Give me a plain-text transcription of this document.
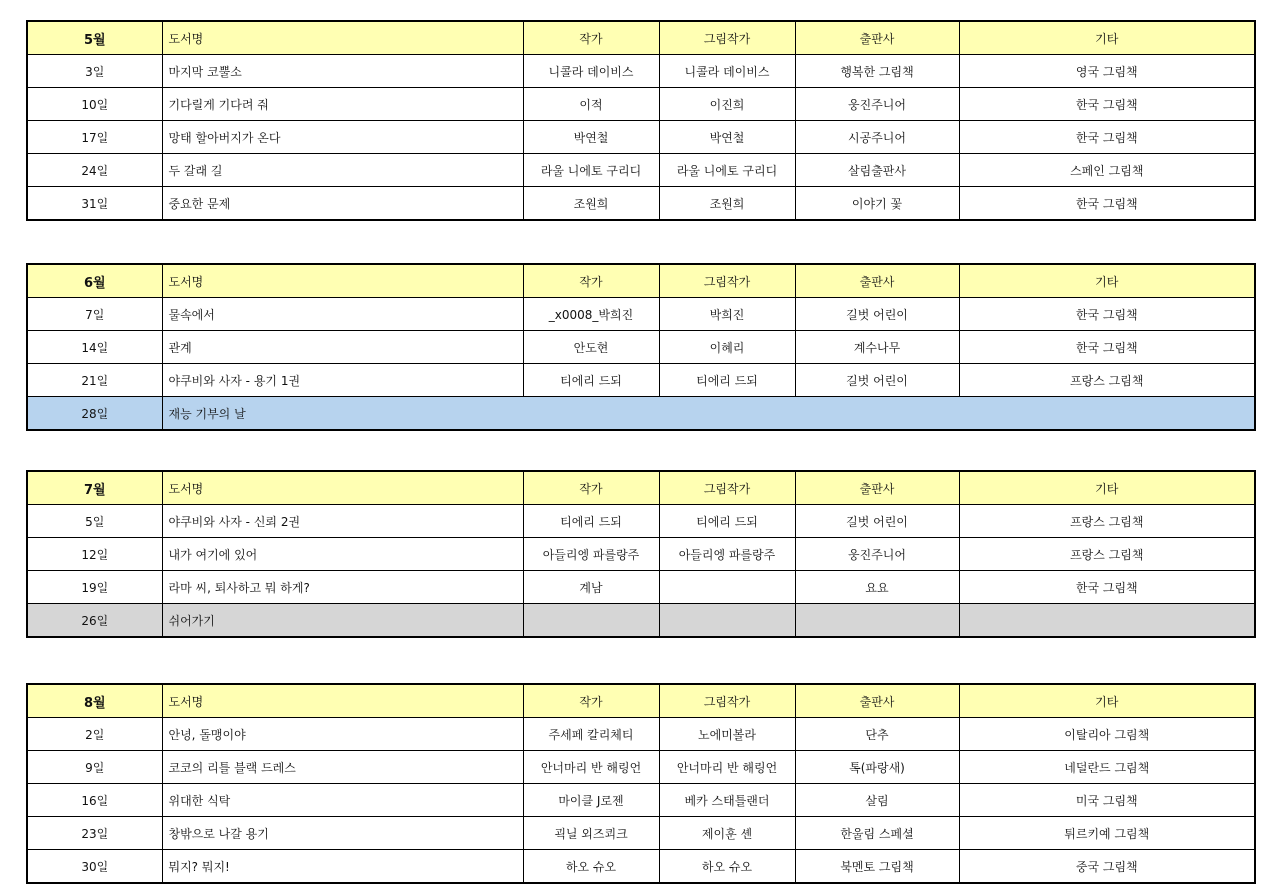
5월	도서명	작가	그림작가	출판사	기타
3일	마지막 코뿔소	니콜라 데이비스	니콜라 데이비스	행복한 그림책	영국 그림책
10일	기다릴게 기다려 줘	이적	이진희	웅진주니어	한국 그림책
17일	망태 할아버지가 온다	박연철	박연철	시공주니어	한국 그림책
24일	두 갈래 길	라울 니에토 구리디	라울 니에토 구리디	살림출판사	스페인 그림책
31일	중요한 문제	조원희	조원희	이야기 꽃	한국 그림책
6월	도서명	작가	그림작가	출판사	기타
7일	물속에서	_x0008_박희진	박희진	길벗 어린이	한국 그림책
14일	관계	안도현	이혜리	계수나무	한국 그림책
21일	야쿠비와 사자 - 용기 1권	티에리 드되	티에리 드되	길벗 어린이	프랑스 그림책
28일	재능 기부의 날				
7월	도서명	작가	그림작가	출판사	기타
5일	야쿠비와 사자 - 신뢰 2권	티에리 드되	티에리 드되	길벗 어린이	프랑스 그림책
12일	내가 여기에 있어	아들리엥 파를랑주	아들리엥 파를랑주	웅진주니어	프랑스 그림책
19일	라마 씨, 퇴사하고 뭐 하게?	계남		요요	한국 그림책
26일	쉬어가기				
8월	도서명	작가	그림작가	출판사	기타
2일	안녕, 돌맹이야	주세페 칼리체티	노에미볼라	단추	이탈리아 그림책
9일	코코의 리틀 블랙 드레스	안너마리 반 해링언	안너마리 반 해링언	톡(파랑새)	네덜란드 그림책
16일	위대한 식탁	마이클 J로젠	베카 스태틀랜더	살림	미국 그림책
23일	창밖으로 나갈 용기	괵닐 외즈쾨크	제이훈 셴	한울림 스페셜	튀르키예 그림책
30일	뭐지? 뭐지!	하오 슈오	하오 슈오	북멘토 그림책	중국 그림책
